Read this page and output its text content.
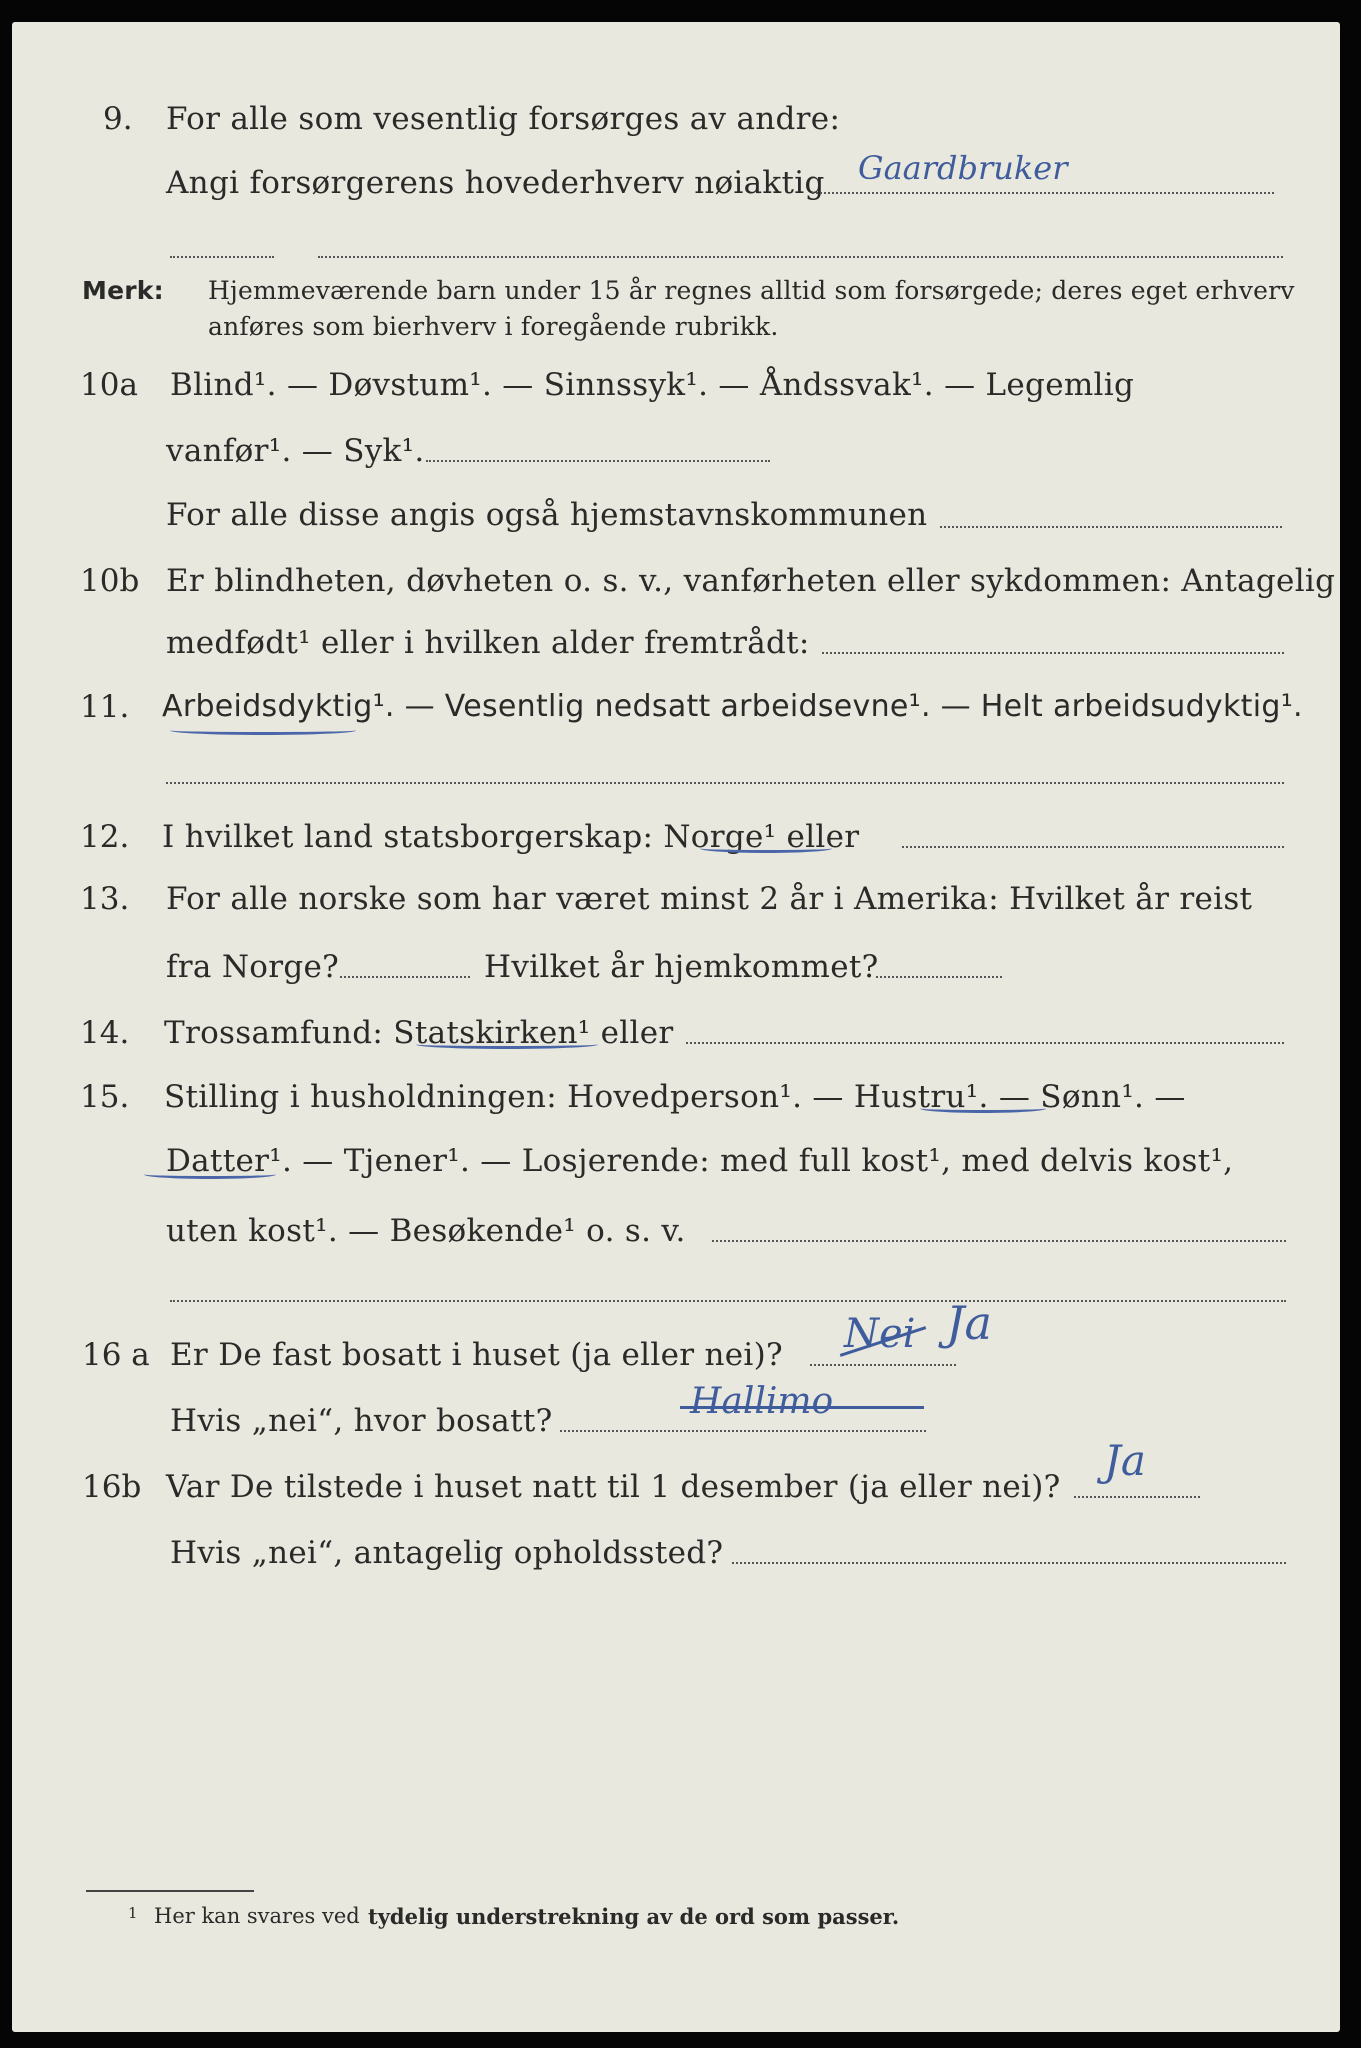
9. For alle som vesentlig forsørges av andre:
Angi forsørgerens hovederhverv nøiaktig Gaardbruker
Merk: Hjemmeværende barn under 15 år regnes alltid som forsørgede; deres eget erhverv
anføres som bierhverv i foregående rubrikk.
10a Blind¹. — Døvstum¹. — Sinnssyk¹. — Åndssvak¹. — Legemlig
vanfør¹. — Syk¹.
For alle disse angis også hjemstavnskommunen
10b Er blindheten, døvheten o. s. v., vanførheten eller sykdommen: Antagelig
medfødt¹ eller i hvilken alder fremtrådt:
11. Arbeidsdyktig¹. — Vesentlig nedsatt arbeidsevne¹. — Helt arbeidsudyktig¹.
12. I hvilket land statsborgerskap: Norge¹ eller
13. For alle norske som har været minst 2 år i Amerika: Hvilket år reist
fra Norge?	Hvilket år hjemkommet?
14. Trossamfund: Statskirken¹ eller
15. Stilling i husholdningen: Hovedperson¹. — Hustru¹. — Sønn¹. —
Datter¹. — Tjener¹. — Losjerende: med full kost¹, med delvis kost¹,
uten kost¹. — Besøkende¹ o. s. v.
16 a Er De fast bosatt i huset (ja eller nei)? Nei Ja
Hvis „nei“, hvor bosatt?	Hallimo
16b Var De tilstede i huset natt til 1 desember (ja eller nei)?
Ja
Hvis „nei“, antagelig opholdssted?
1 Her kan svares ved tydelig understrekning av de ord som passer.
